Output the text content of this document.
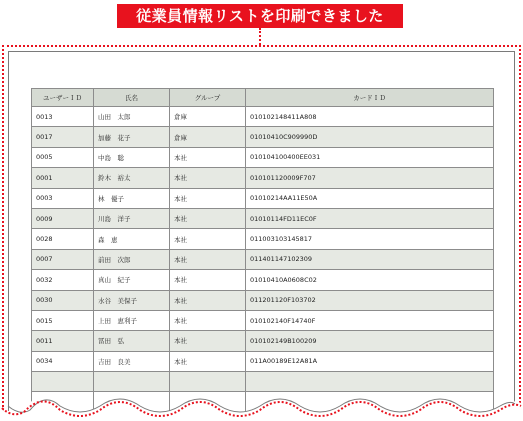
従業員情報リストを印刷できました
ユーザーＩＤ	氏名	グループ	カードＩＤ
0013	山田　太郎	倉庫	010102148411A808
0017	加藤　花子	倉庫	01010410C909990D
0005	中島　聡	本社	010104100400EE031
0001	鈴木　裕太	本社	010101120009F707
0003	林　優子	本社	01010214AA11E50A
0009	川島　洋子	本社	01010114FD11EC0F
0028	森　恵	本社	011003103145817
0007	前田　次郎	本社	011401147102309
0032	真山　紀子	本社	01010410A0608C02
0030	水谷　美保子	本社	011201120F103702
0015	上田　恵利子	本社	010102140F14740F
0011	冨田　弘	本社	010102149B100209
0034	吉田　良美	本社	011A00189E12A81A
